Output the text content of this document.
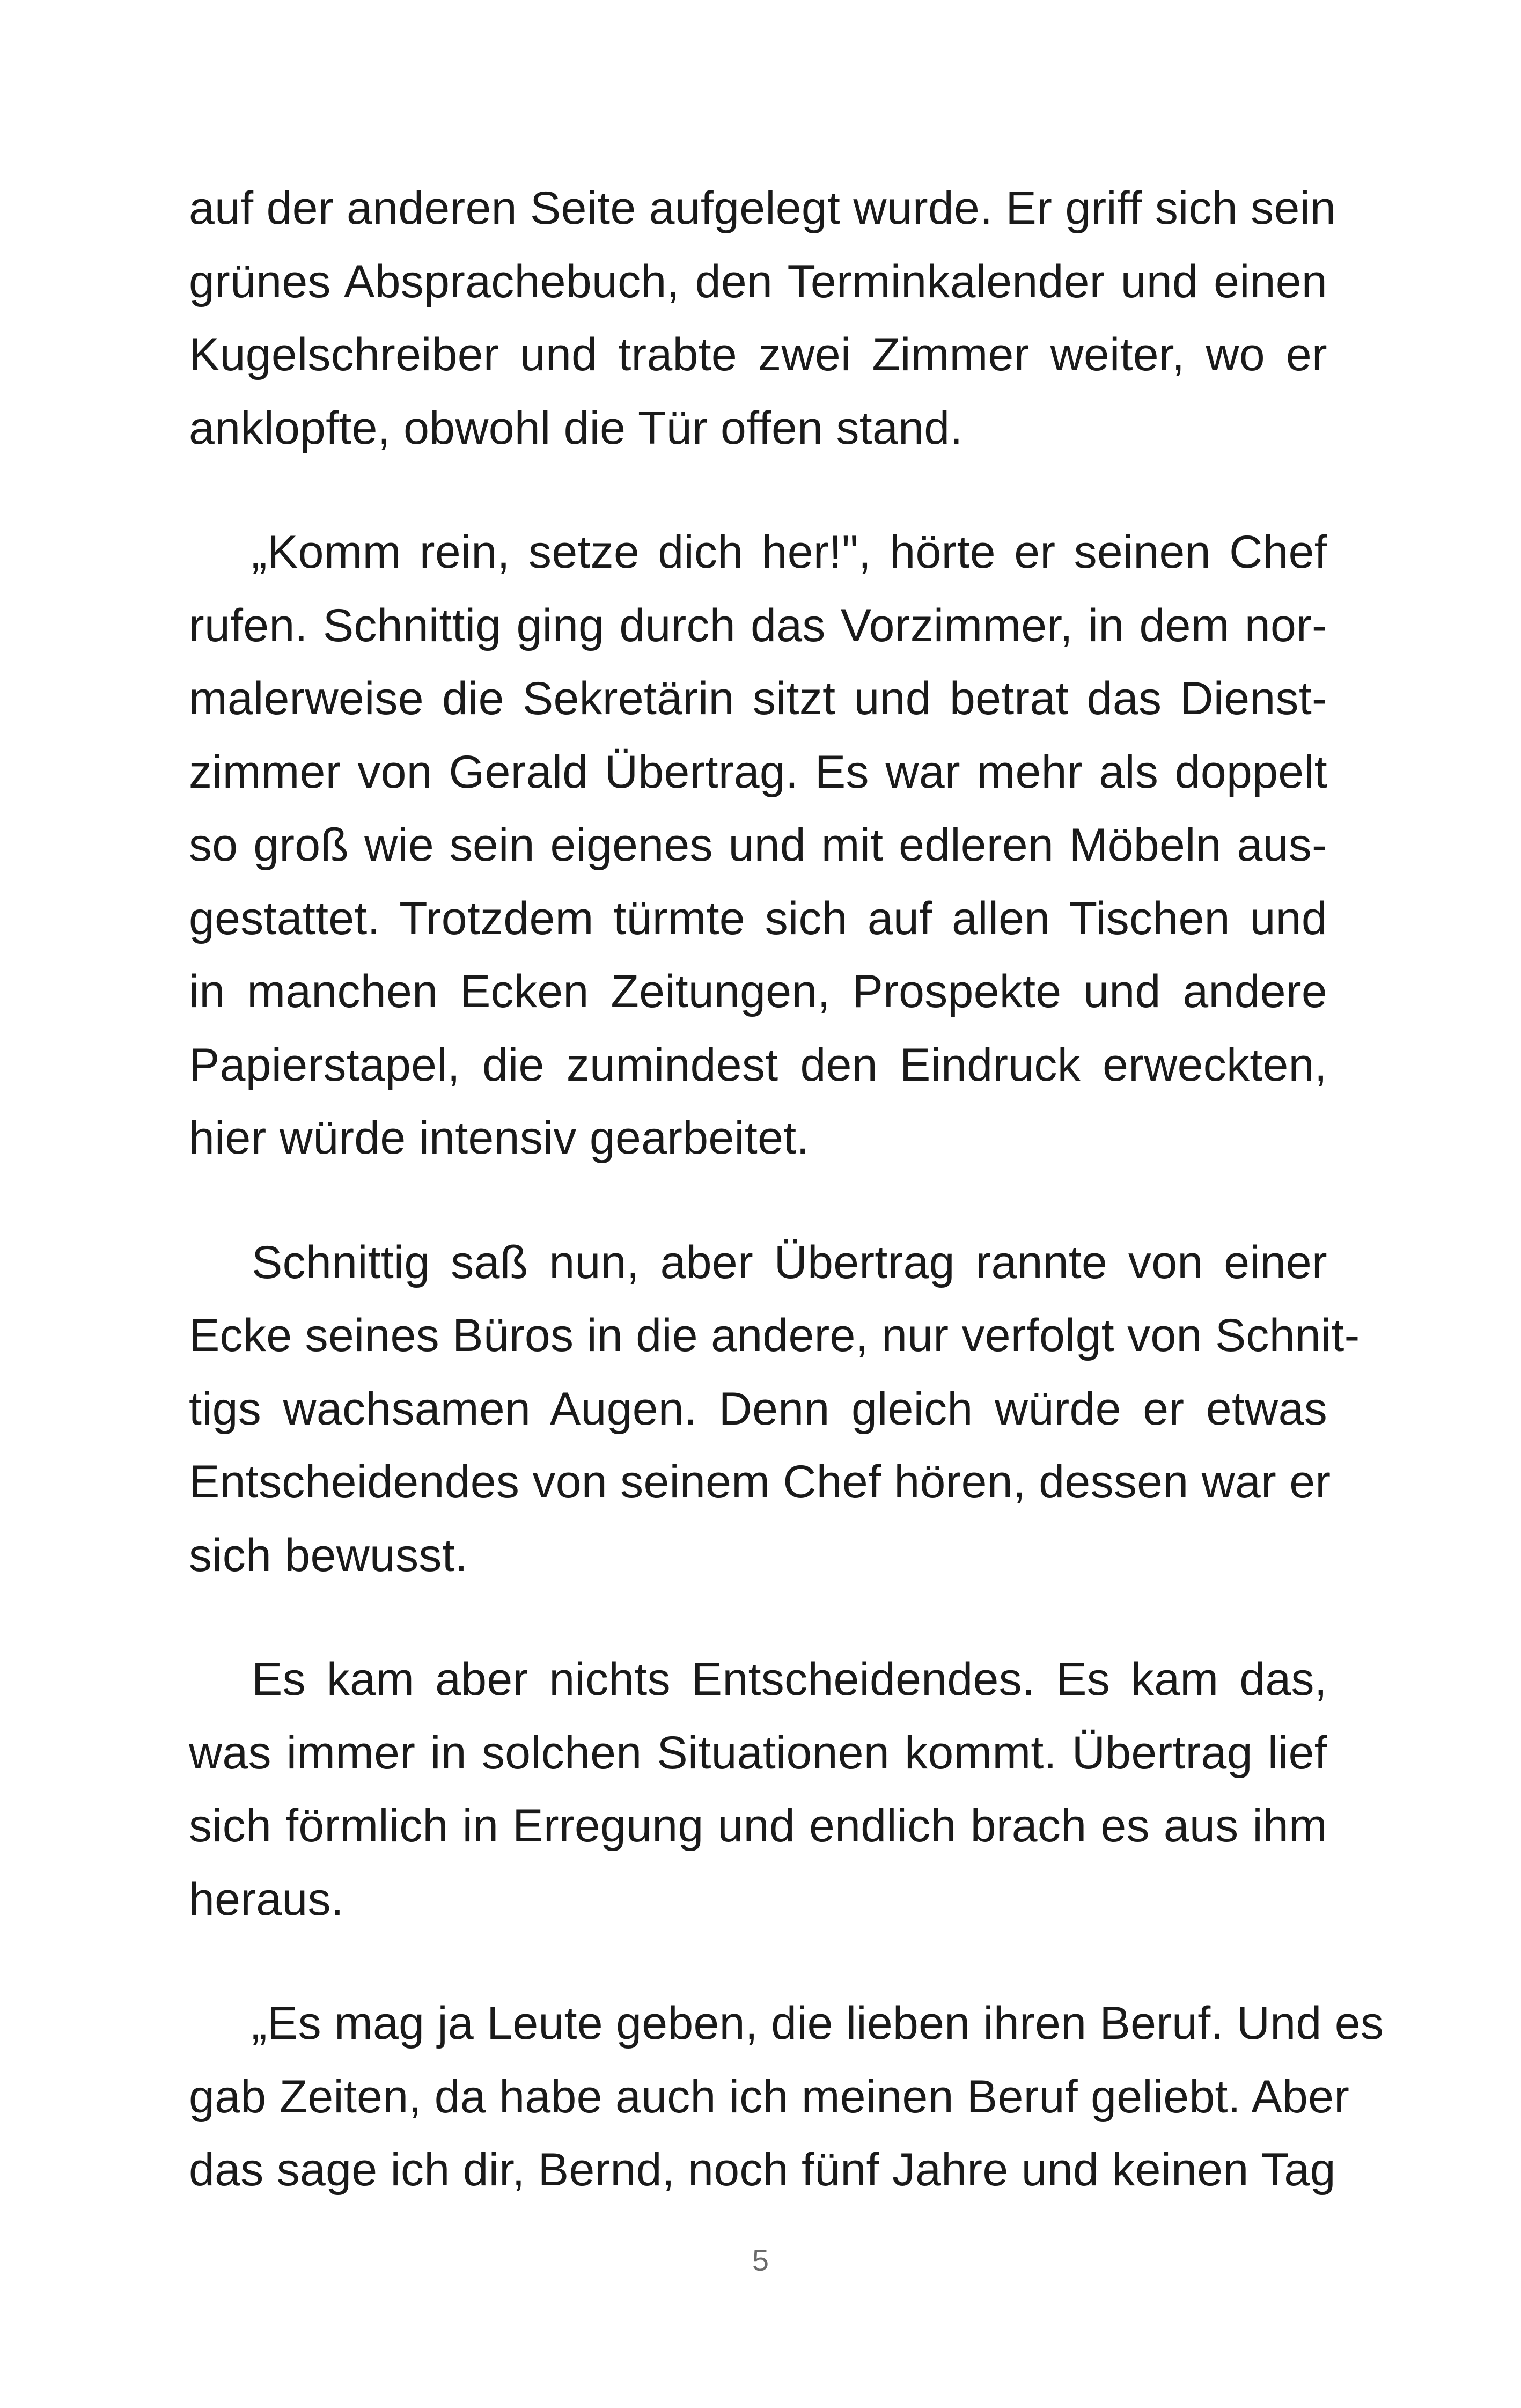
auf der anderen Seite aufgelegt wurde. Er griff sich sein
grünes Absprachebuch, den Terminkalender und einen
Kugelschreiber und trabte zwei Zimmer weiter, wo er
anklopfte, obwohl die Tür offen stand.
„Komm rein, setze dich her!", hörte er seinen Chef
rufen. Schnittig ging durch das Vorzimmer, in dem nor-
malerweise die Sekretärin sitzt und betrat das Dienst-
zimmer von Gerald Übertrag. Es war mehr als doppelt
so groß wie sein eigenes und mit edleren Möbeln aus-
gestattet. Trotzdem türmte sich auf allen Tischen und
in manchen Ecken Zeitungen, Prospekte und andere
Papierstapel, die zumindest den Eindruck erweckten,
hier würde intensiv gearbeitet.
Schnittig saß nun, aber Übertrag rannte von einer
Ecke seines Büros in die andere, nur verfolgt von Schnit-
tigs wachsamen Augen. Denn gleich würde er etwas
Entscheidendes von seinem Chef hören, dessen war er
sich bewusst.
Es kam aber nichts Entscheidendes. Es kam das,
was immer in solchen Situationen kommt. Übertrag lief
sich förmlich in Erregung und endlich brach es aus ihm
heraus.
„Es mag ja Leute geben, die lieben ihren Beruf. Und es
gab Zeiten, da habe auch ich meinen Beruf geliebt. Aber
das sage ich dir, Bernd, noch fünf Jahre und keinen Tag
5
